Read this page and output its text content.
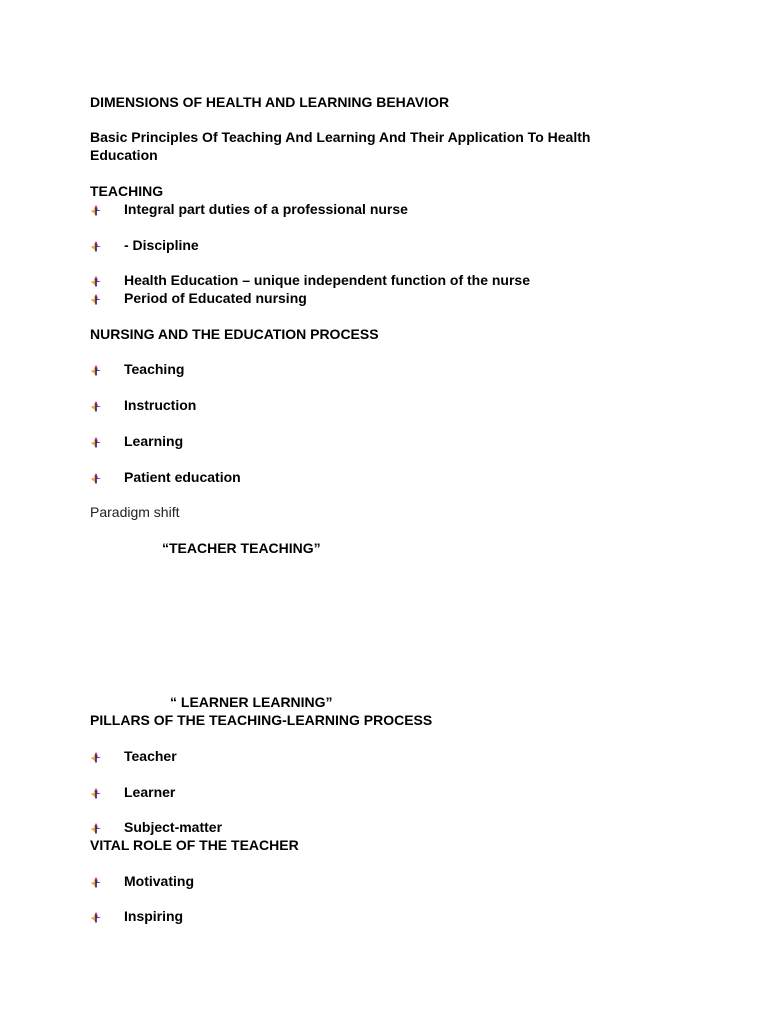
DIMENSIONS OF HEALTH AND LEARNING BEHAVIOR
Basic Principles Of Teaching And Learning And Their Application To Health
Education
TEACHING
Integral part duties of a professional nurse
- Discipline
Health Education – unique independent function of the nurse
Period of Educated nursing
NURSING AND THE EDUCATION PROCESS
Teaching
Instruction
Learning
Patient education
Paradigm shift
“TEACHER TEACHING”
“ LEARNER LEARNING”
PILLARS OF THE TEACHING-LEARNING PROCESS
Teacher
Learner
Subject-matter
VITAL ROLE OF THE TEACHER
Motivating
Inspiring
